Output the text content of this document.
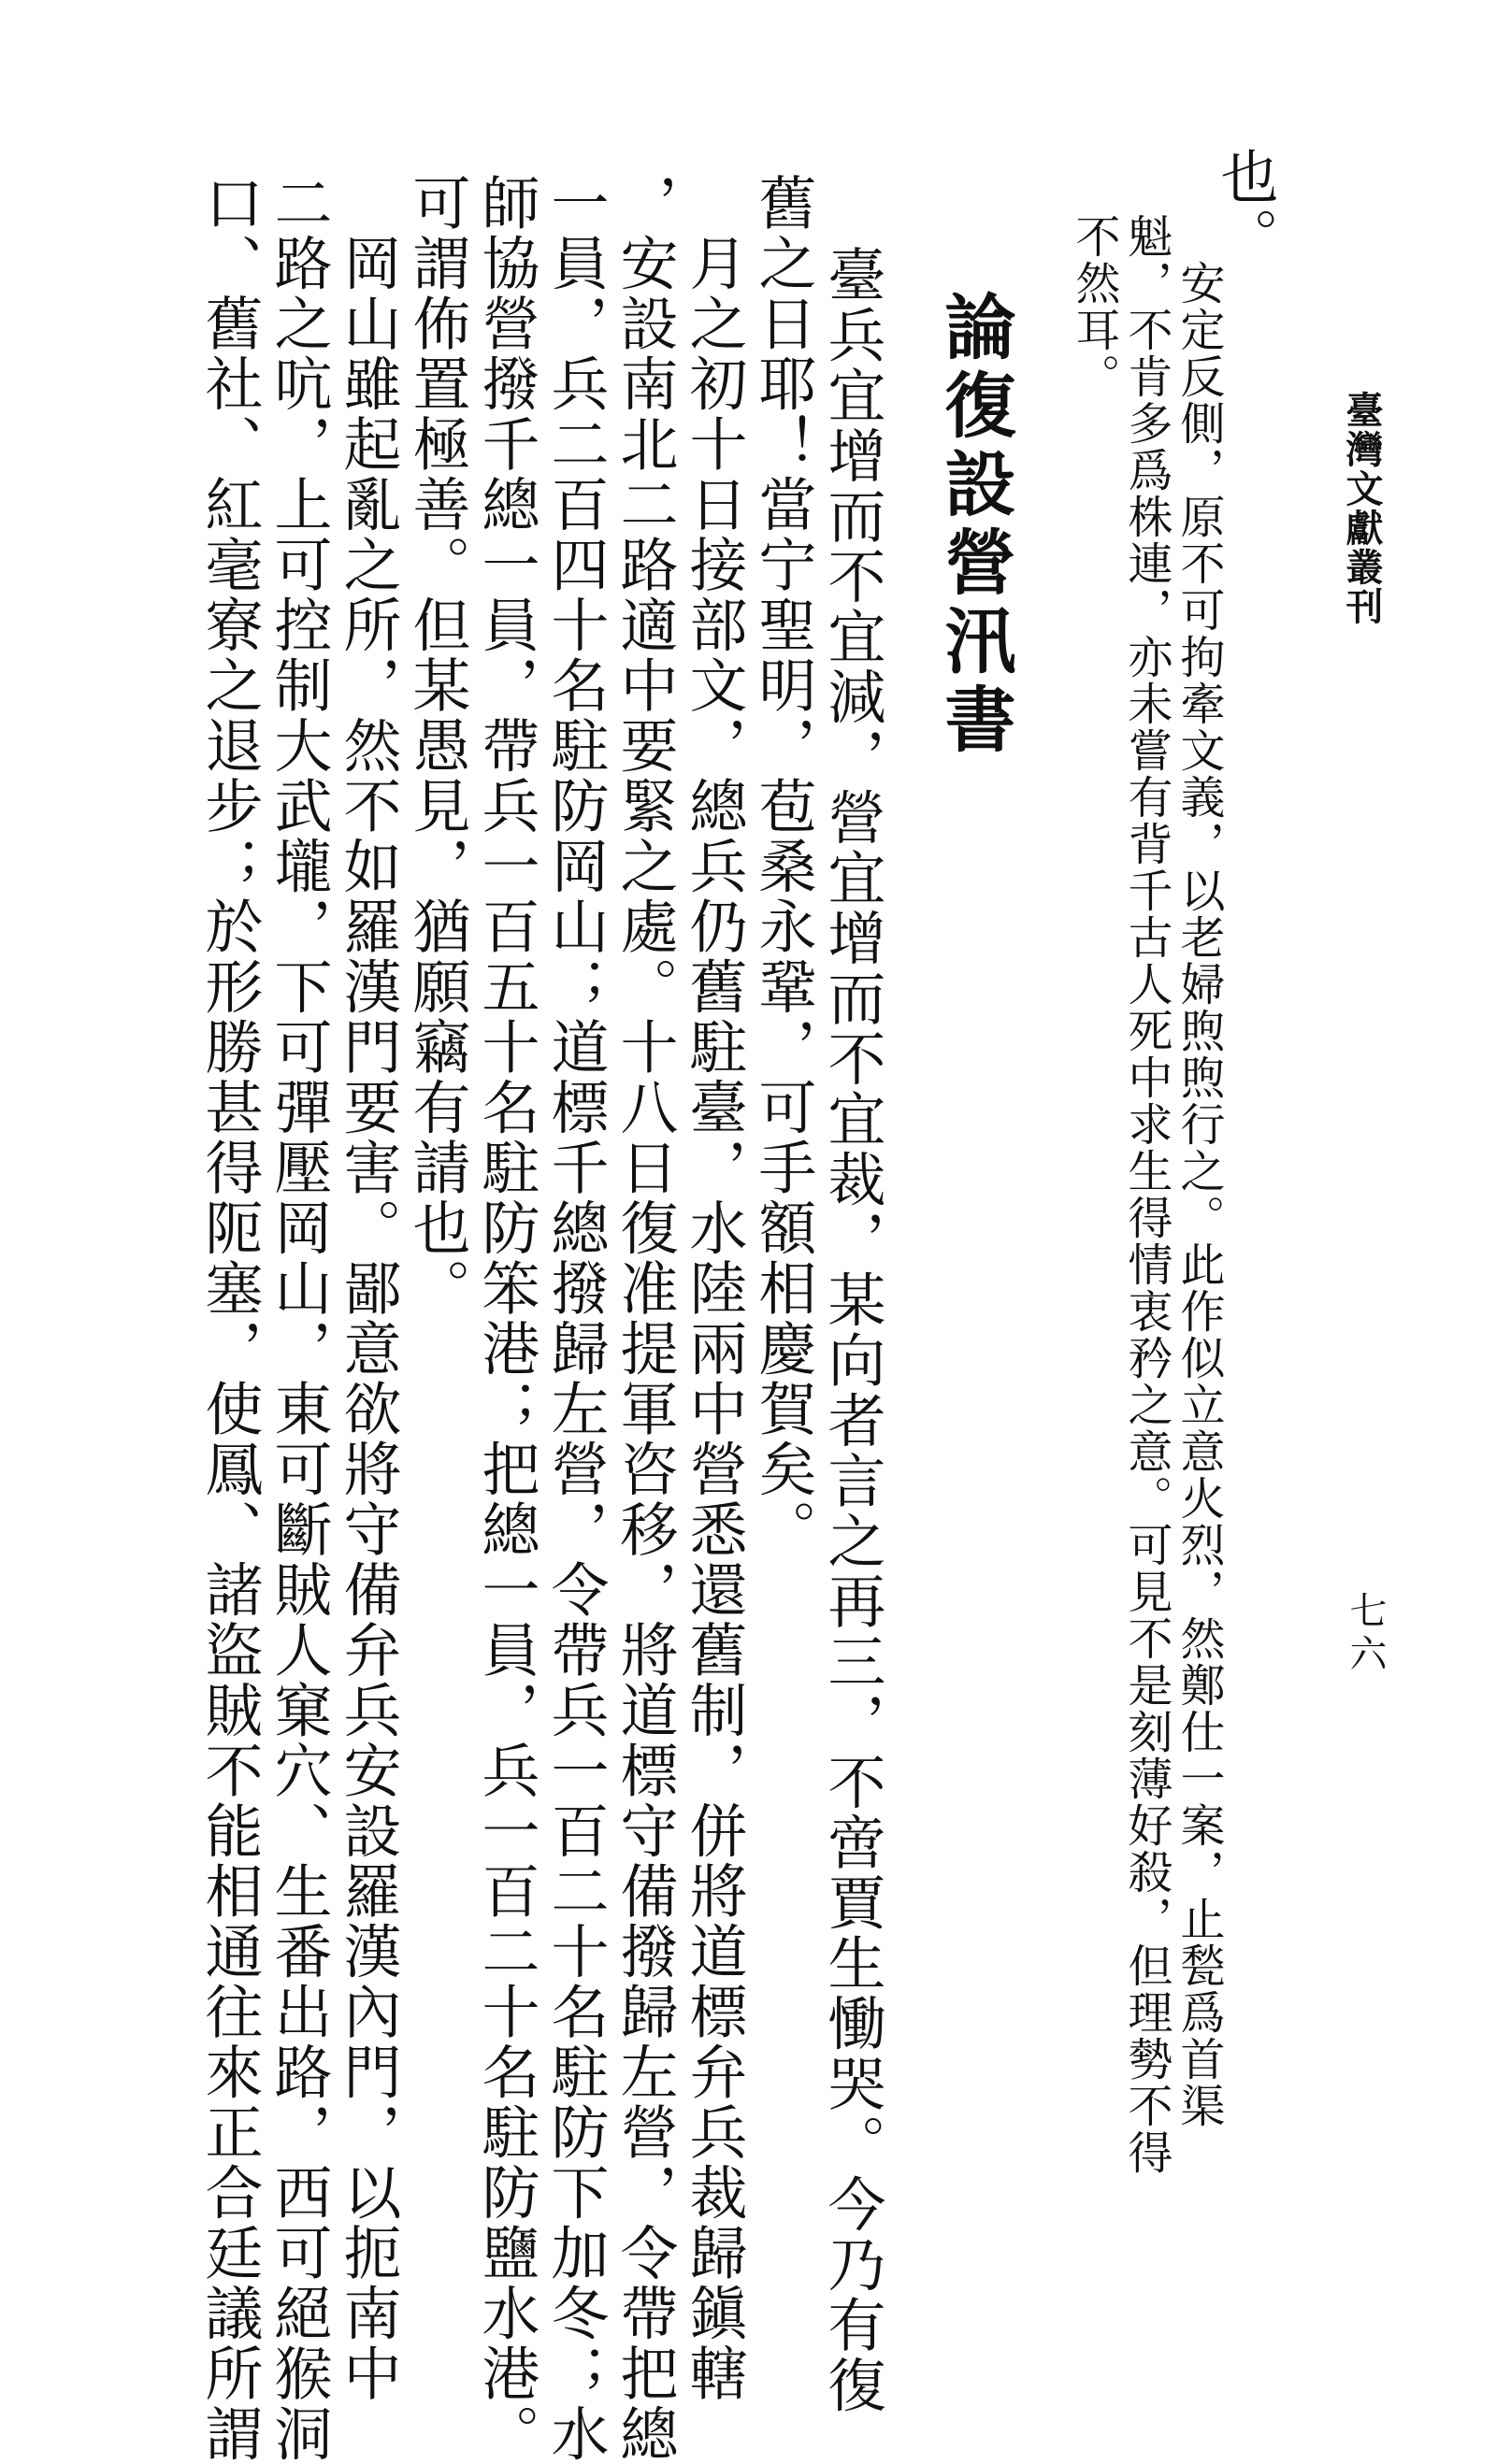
臺灣文獻叢刊
七六
也。
　安定反側，原不可拘牽文義，以老婦煦煦行之。此作似立意火烈，然鄭仕一案，止甃爲首渠
魁，不肯多爲株連，亦未嘗有背千古人死中求生得情衷矜之意。可見不是刻薄好殺，但理勢不得
不然耳。
論復設營汛書
臺兵宜增而不宜減，營宜增而不宜裁，某向者言之再三，不啻賈生慟哭。今乃有復
舊之日耶！當宁聖明，苞桑永鞏，可手額相慶賀矣。
　月之初十日接部文，總兵仍舊駐臺，水陸兩中營悉還舊制，併將道標弁兵裁歸鎭轄
，安設南北二路適中要緊之處。十八日復准提軍咨移，將道標守備撥歸左營，令帶把總
一員，兵二百四十名駐防岡山；道標千總撥歸左營，令帶兵一百二十名駐防下加冬；水
師協營撥千總一員，帶兵一百五十名駐防笨港；把總一員，兵一百二十名駐防鹽水港。
可謂佈置極善。但某愚見，猶願竊有請也。
　岡山雖起亂之所，然不如羅漢門要害。鄙意欲將守備弁兵安設羅漢內門，以扼南中
二路之吭，上可控制大武壠，下可彈壓岡山，東可斷賊人窠穴、生番出路，西可絕猴洞
口、舊社、紅毫寮之退步；於形勝甚得阨塞，使鳳、諸盜賊不能相通往來正合廷議所謂
